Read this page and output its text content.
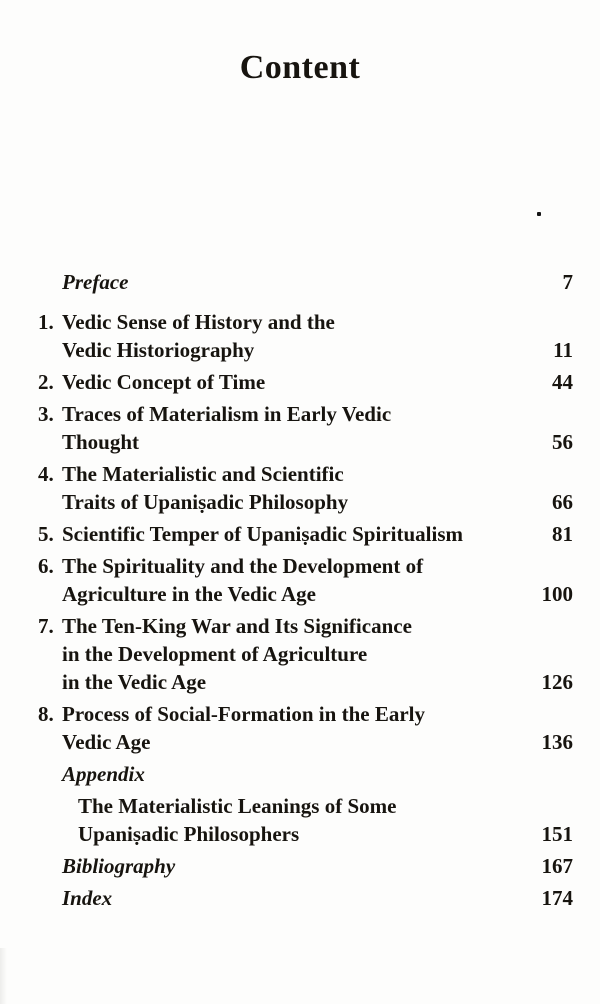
Content
Preface	7
1. Vedic Sense of History and the
Vedic Historiography	11
2. Vedic Concept of Time	44
3. Traces of Materialism in Early Vedic
Thought	56
4. The Materialistic and Scientific
Traits of Upaniṣadic Philosophy	66
5. Scientific Temper of Upaniṣadic Spiritualism	81
6. The Spirituality and the Development of
Agriculture in the Vedic Age	100
7. The Ten-King War and Its Significance
in the Development of Agriculture
in the Vedic Age	126
8. Process of Social-Formation in the Early
Vedic Age	136
Appendix
The Materialistic Leanings of Some
Upaniṣadic Philosophers	151
Bibliography	167
Index	174
